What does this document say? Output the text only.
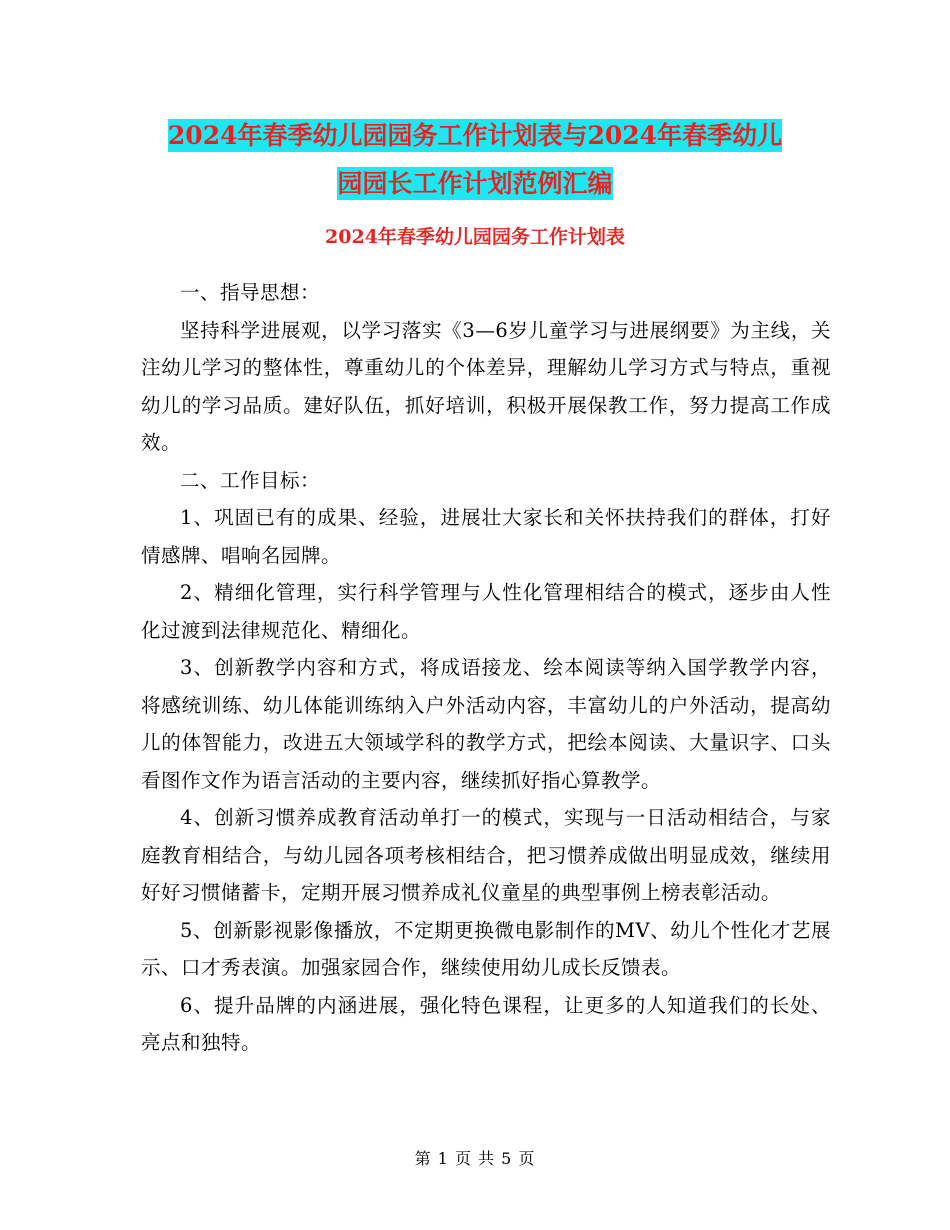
2024年春季幼儿园园务工作计划表与2024年春季幼儿
园园长工作计划范例汇编
2024年春季幼儿园园务工作计划表

一、指导思想：

坚持科学进展观，以学习落实《3—6岁儿童学习与进展纲要》为主线，关注幼儿学习的整体性，尊重幼儿的个体差异，理解幼儿学习方式与特点，重视幼儿的学习品质。建好队伍，抓好培训，积极开展保教工作，努力提高工作成效。

二、工作目标：

1、巩固已有的成果、经验，进展壮大家长和关怀扶持我们的群体，打好情感牌、唱响名园牌。

2、精细化管理，实行科学管理与人性化管理相结合的模式，逐步由人性化过渡到法律规范化、精细化。

3、创新教学内容和方式，将成语接龙、绘本阅读等纳入国学教学内容，将感统训练、幼儿体能训练纳入户外活动内容，丰富幼儿的户外活动，提高幼儿的体智能力，改进五大领域学科的教学方式，把绘本阅读、大量识字、口头看图作文作为语言活动的主要内容，继续抓好指心算教学。

4、创新习惯养成教育活动单打一的模式，实现与一日活动相结合，与家庭教育相结合，与幼儿园各项考核相结合，把习惯养成做出明显成效，继续用好好习惯储蓄卡，定期开展习惯养成礼仪童星的典型事例上榜表彰活动。

5、创新影视影像播放，不定期更换微电影制作的MV、幼儿个性化才艺展示、口才秀表演。加强家园合作，继续使用幼儿成长反馈表。

6、提升品牌的内涵进展，强化特色课程，让更多的人知道我们的长处、亮点和独特。

第 1 页 共 5 页
